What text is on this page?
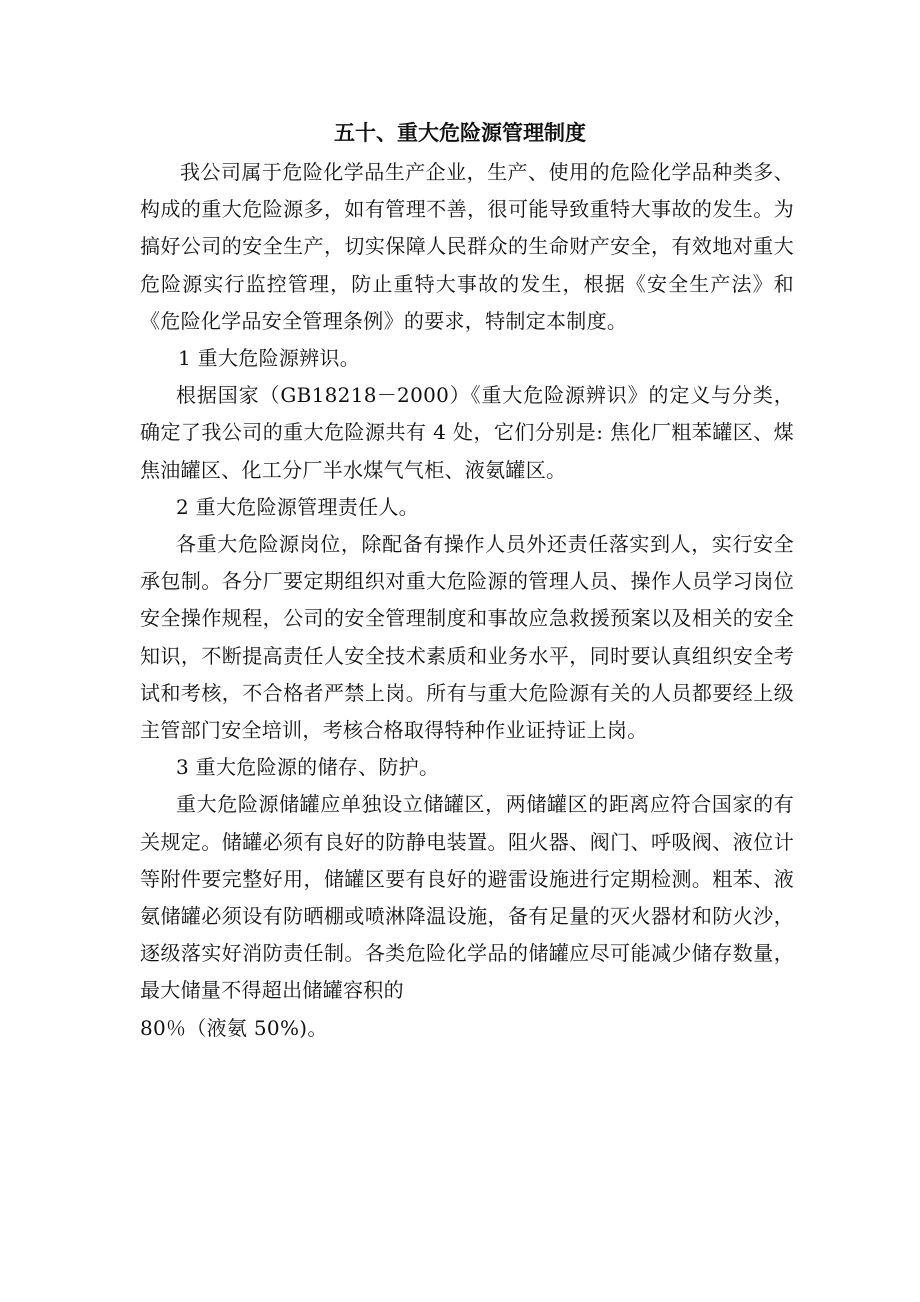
五十、重大危险源管理制度

我公司属于危险化学品生产企业，生产、使用的危险化学品种类多、构成的重大危险源多，如有管理不善，很可能导致重特大事故的发生。为搞好公司的安全生产，切实保障人民群众的生命财产安全，有效地对重大危险源实行监控管理，防止重特大事故的发生，根据《安全生产法》和《危险化学品安全管理条例》的要求，特制定本制度。

1 重大危险源辨识。

根据国家（GB18218－2000）《重大危险源辨识》的定义与分类，确定了我公司的重大危险源共有 4 处，它们分别是: 焦化厂粗苯罐区、煤焦油罐区、化工分厂半水煤气气柜、液氨罐区。

2 重大危险源管理责任人。

各重大危险源岗位，除配备有操作人员外还责任落实到人，实行安全承包制。各分厂要定期组织对重大危险源的管理人员、操作人员学习岗位安全操作规程，公司的安全管理制度和事故应急救援预案以及相关的安全知识，不断提高责任人安全技术素质和业务水平，同时要认真组织安全考试和考核，不合格者严禁上岗。所有与重大危险源有关的人员都要经上级主管部门安全培训，考核合格取得特种作业证持证上岗。

3 重大危险源的储存、防护。

重大危险源储罐应单独设立储罐区，两储罐区的距离应符合国家的有关规定。储罐必须有良好的防静电装置。阻火器、阀门、呼吸阀、液位计等附件要完整好用，储罐区要有良好的避雷设施进行定期检测。粗苯、液氨储罐必须设有防晒棚或喷淋降温设施，备有足量的灭火器材和防火沙，逐级落实好消防责任制。各类危险化学品的储罐应尽可能减少储存数量，最大储量不得超出储罐容积的

80％（液氨 50%)。
